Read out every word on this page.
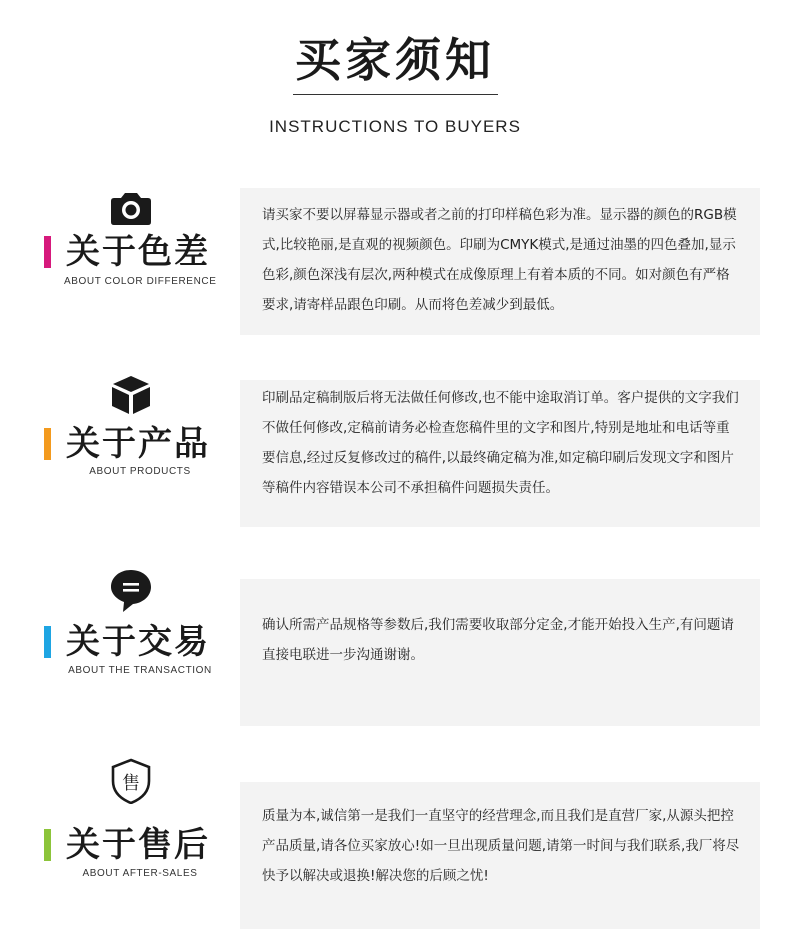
买家须知
INSTRUCTIONS TO BUYERS
关于色差
ABOUT COLOR DIFFERENCE

请买家不要以屏幕显示器或者之前的打印样稿色彩为准。显示器的颜色的RGB模式,比较艳丽,是直观的视频颜色。印刷为CMYK模式,是通过油墨的四色叠加,显示色彩,颜色深浅有层次,两种模式在成像原理上有着本质的不同。如对颜色有严格要求,请寄样品跟色印刷。从而将色差减少到最低。

关于产品
ABOUT PRODUCTS

印刷品定稿制版后将无法做任何修改,也不能中途取消订单。客户提供的文字我们不做任何修改,定稿前请务必检查您稿件里的文字和图片,特别是地址和电话等重要信息,经过反复修改过的稿件,以最终确定稿为准,如定稿印刷后发现文字和图片等稿件内容错误本公司不承担稿件问题损失责任。

关于交易
ABOUT THE TRANSACTION

确认所需产品规格等参数后,我们需要收取部分定金,才能开始投入生产,有问题请直接电联进一步沟通谢谢。

售
关于售后
ABOUT AFTER-SALES

质量为本,诚信第一是我们一直坚守的经营理念,而且我们是直营厂家,从源头把控产品质量,请各位买家放心!如一旦出现质量问题,请第一时间与我们联系,我厂将尽快予以解决或退换!解决您的后顾之忧!
